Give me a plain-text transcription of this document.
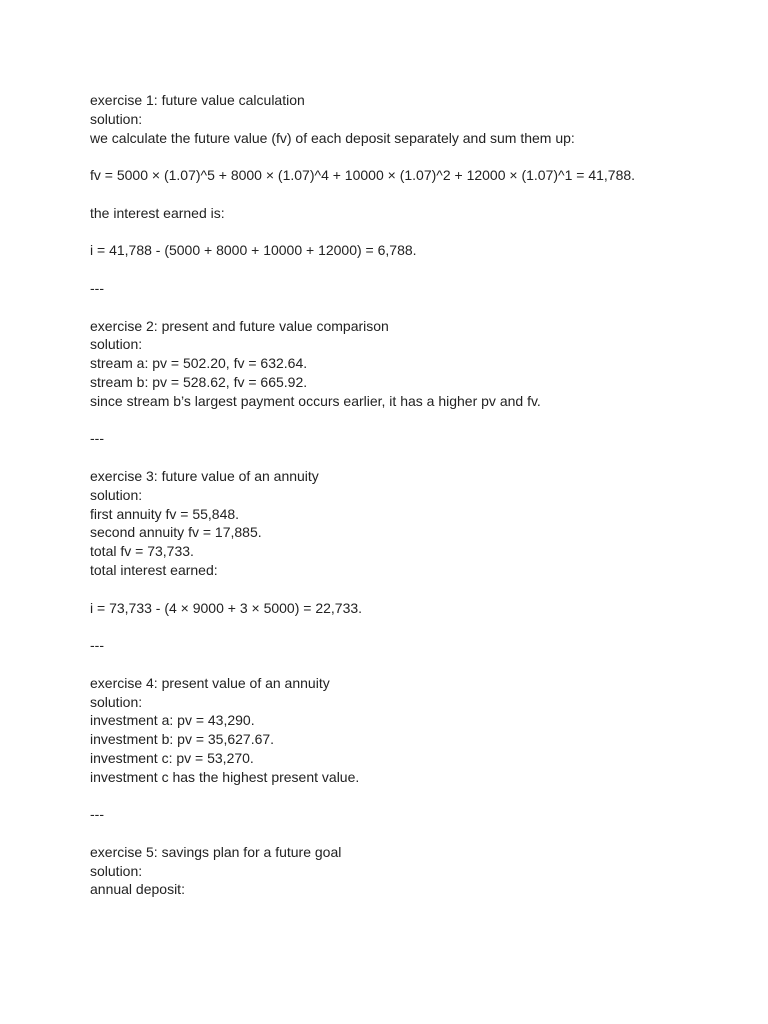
exercise 1: future value calculation
solution:
we calculate the future value (fv) of each deposit separately and sum them up:
fv = 5000 × (1.07)^5 + 8000 × (1.07)^4 + 10000 × (1.07)^2 + 12000 × (1.07)^1 = 41,788.
the interest earned is:
i = 41,788 - (5000 + 8000 + 10000 + 12000) = 6,788.
---
exercise 2: present and future value comparison
solution:
stream a: pv = 502.20, fv = 632.64.
stream b: pv = 528.62, fv = 665.92.
since stream b’s largest payment occurs earlier, it has a higher pv and fv.
---
exercise 3: future value of an annuity
solution:
first annuity fv = 55,848.
second annuity fv = 17,885.
total fv = 73,733.
total interest earned:
i = 73,733 - (4 × 9000 + 3 × 5000) = 22,733.
---
exercise 4: present value of an annuity
solution:
investment a: pv = 43,290.
investment b: pv = 35,627.67.
investment c: pv = 53,270.
investment c has the highest present value.
---
exercise 5: savings plan for a future goal
solution:
annual deposit:
